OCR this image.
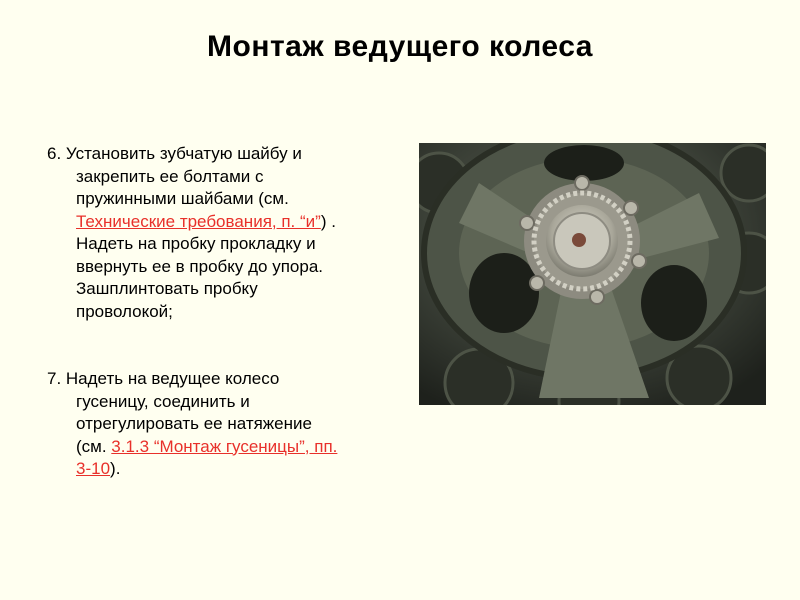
Монтаж ведущего колеса
6. Установить зубчатую шайбу и
закрепить ее болтами с
пружинными шайбами (см.
Технические требования, п. “и”) .
Надеть на пробку прокладку и
ввернуть ее в пробку до упора.
Зашплинтовать пробку
проволокой;
7. Надеть на ведущее колесо
гусеницу, соединить и
отрегулировать ее натяжение
(см. 3.1.3 “Монтаж гусеницы”, пп.
3-10).
